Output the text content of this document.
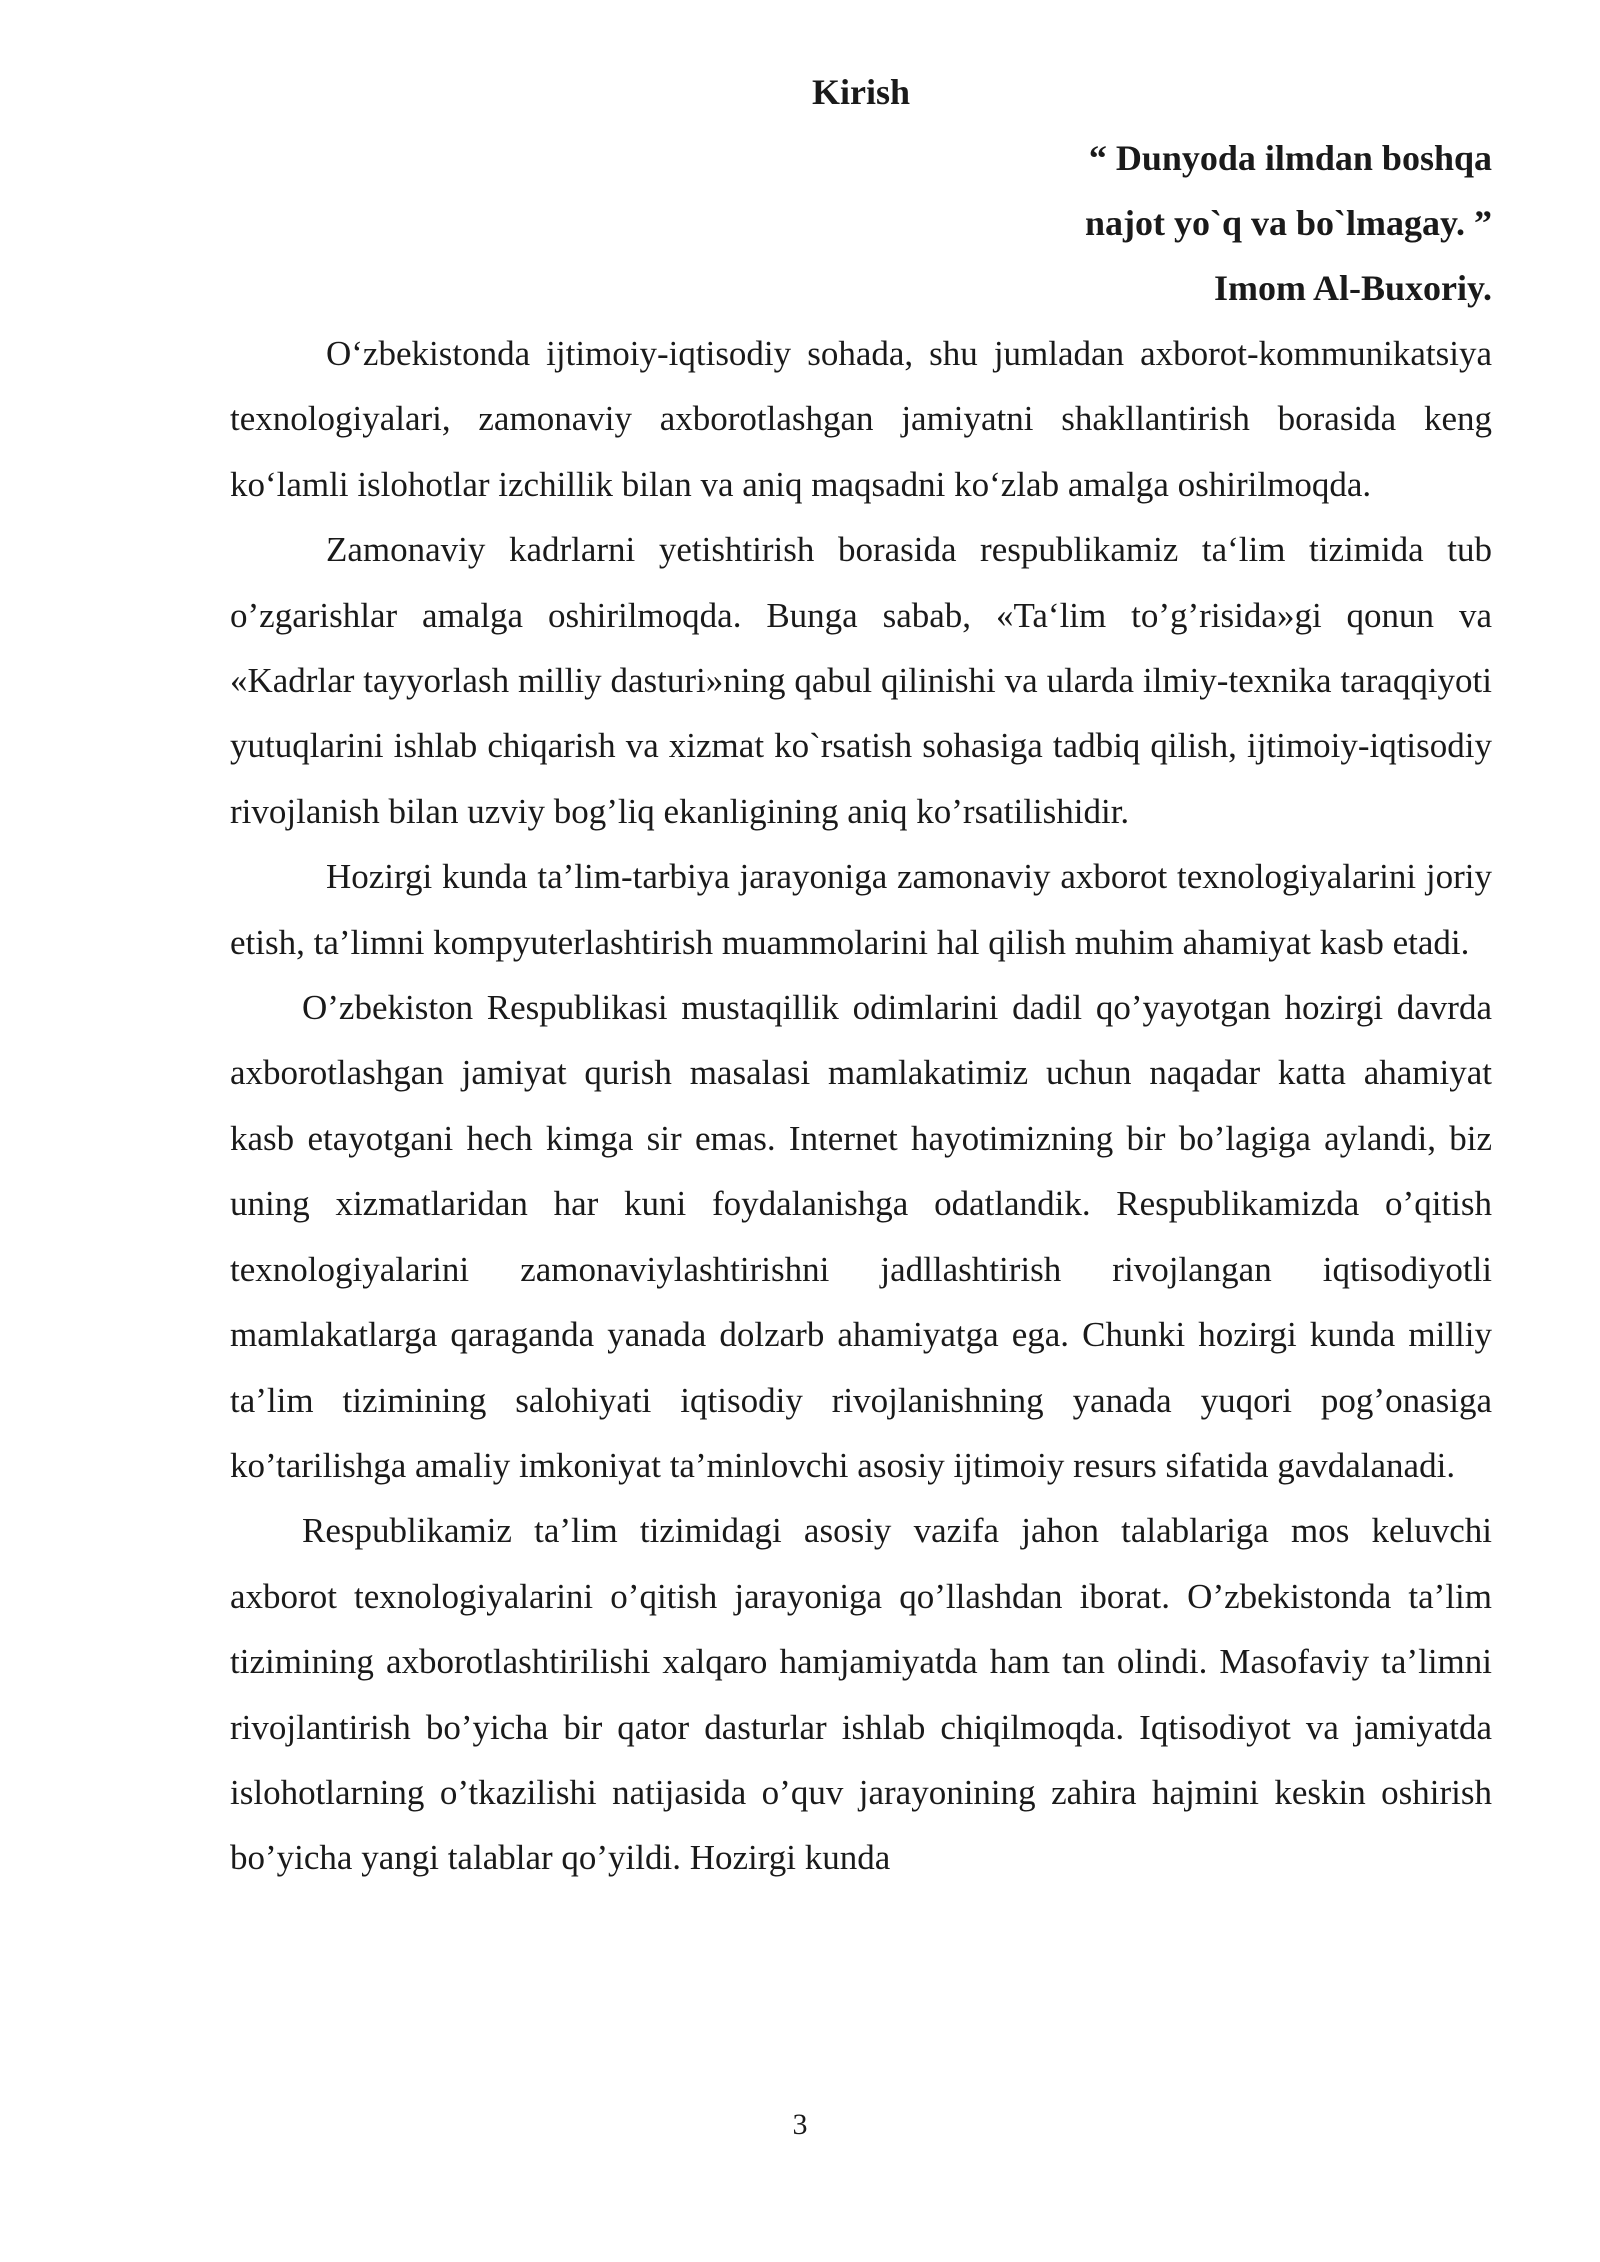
Kirish
“ Dunyoda ilmdan boshqa
najot yo`q va bo`lmagay. ”
Imom Al-Buxoriy.

O‘zbekistonda ijtimoiy-iqtisodiy sohada, shu jumladan axborot-kommunikatsiya texnologiyalari, zamonaviy axborotlashgan jamiyatni shakllantirish borasida keng ko‘lamli islohotlar izchillik bilan va aniq maqsadni ko‘zlab amalga oshirilmoqda.

Zamonaviy kadrlarni yetishtirish borasida respublikamiz ta‘lim tizimida tub o’zgarishlar amalga oshirilmoqda. Bunga sabab, «Ta‘lim to’g’risida»gi qonun va «Kadrlar tayyorlash milliy dasturi»ning qabul qilinishi va ularda ilmiy-texnika taraqqiyoti yutuqlarini ishlab chiqarish va xizmat ko`rsatish sohasiga tadbiq qilish, ijtimoiy-iqtisodiy rivojlanish bilan uzviy bog’liq ekanligining aniq ko’rsatilishidir.

Hozirgi kunda ta’lim-tarbiya jarayoniga zamonaviy axborot texnologiyalarini joriy etish, ta’limni kompyuterlashtirish muammolarini hal qilish muhim ahamiyat kasb etadi.

O’zbekiston Respublikasi mustaqillik odimlarini dadil qo’yayotgan hozirgi davrda axborotlashgan jamiyat qurish masalasi mamlakatimiz uchun naqadar katta ahamiyat kasb etayotgani hech kimga sir emas. Internet hayotimizning bir bo’lagiga aylandi, biz uning xizmatlaridan har kuni foydalanishga odatlandik. Respublikamizda o’qitish texnologiyalarini zamonaviylashtirishni jadllashtirish rivojlangan iqtisodiyotli mamlakatlarga qaraganda yanada dolzarb ahamiyatga ega. Chunki hozirgi kunda milliy ta’lim tizimining salohiyati iqtisodiy rivojlanishning yanada yuqori pog’onasiga ko’tarilishga amaliy imkoniyat ta’minlovchi asosiy ijtimoiy resurs sifatida gavdalanadi.

Respublikamiz ta’lim tizimidagi asosiy vazifa jahon talablariga mos keluvchi axborot texnologiyalarini o’qitish jarayoniga qo’llashdan iborat. O’zbekistonda ta’lim tizimining axborotlashtirilishi xalqaro hamjamiyatda ham tan olindi. Masofaviy ta’limni rivojlantirish bo’yicha bir qator dasturlar ishlab chiqilmoqda. Iqtisodiyot va jamiyatda islohotlarning o’tkazilishi natijasida o’quv jarayonining zahira hajmini keskin oshirish bo’yicha yangi talablar qo’yildi. Hozirgi kunda

3
